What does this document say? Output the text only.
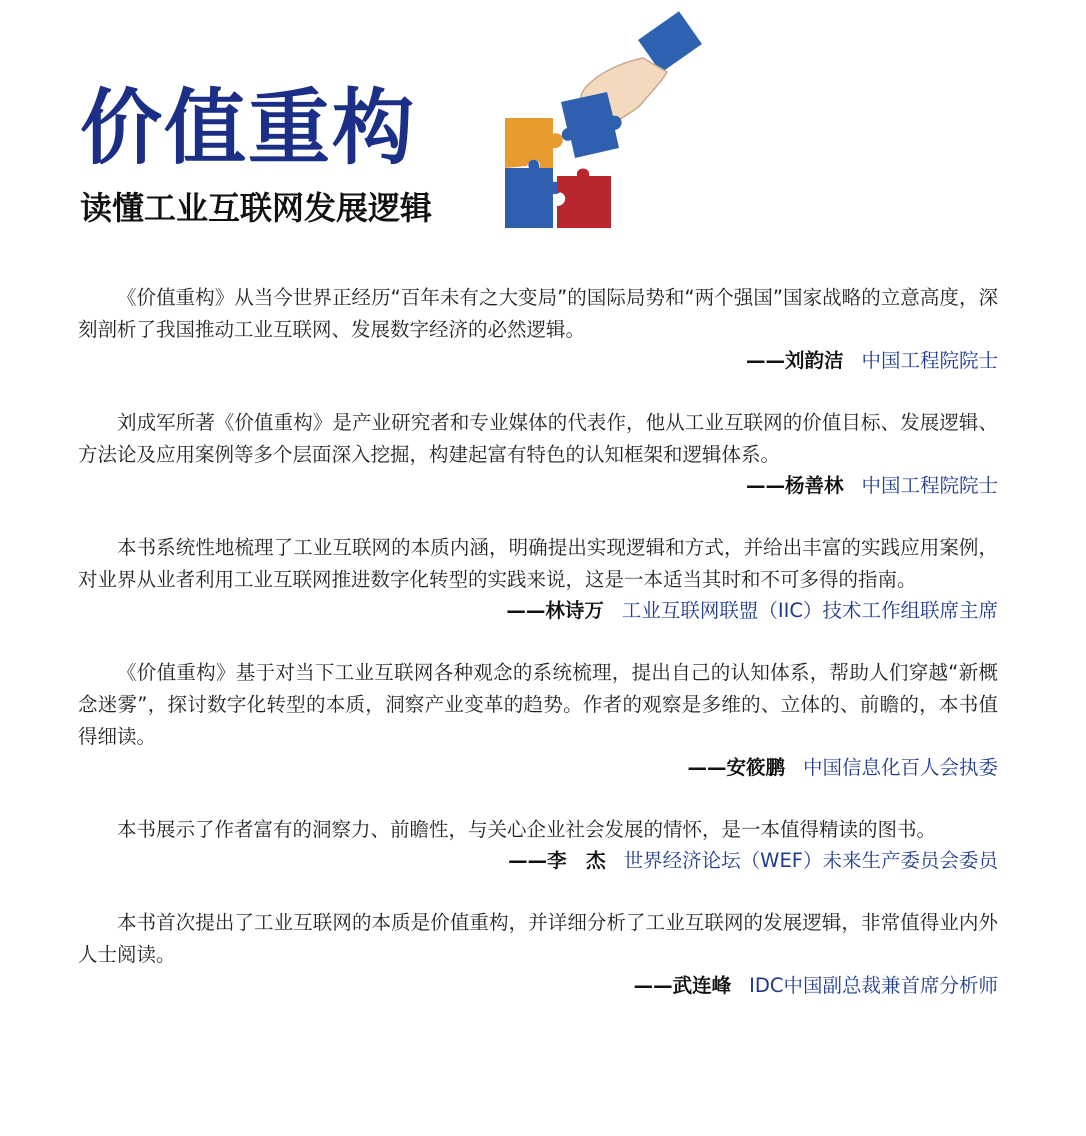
价值重构
读懂工业互联网发展逻辑

《价值重构》从当今世界正经历“百年未有之大变局”的国际局势和“两个强国”国家战略的立意高度，深刻剖析了我国推动工业互联网、发展数字经济的必然逻辑。

——刘韵洁 中国工程院院士

刘成军所著《价值重构》是产业研究者和专业媒体的代表作，他从工业互联网的价值目标、发展逻辑、方法论及应用案例等多个层面深入挖掘，构建起富有特色的认知框架和逻辑体系。

——杨善林 中国工程院院士

本书系统性地梳理了工业互联网的本质内涵，明确提出实现逻辑和方式，并给出丰富的实践应用案例，对业界从业者利用工业互联网推进数字化转型的实践来说，这是一本适当其时和不可多得的指南。

——林诗万 工业互联网联盟（IIC）技术工作组联席主席

《价值重构》基于对当下工业互联网各种观念的系统梳理，提出自己的认知体系，帮助人们穿越“新概念迷雾”，探讨数字化转型的本质，洞察产业变革的趋势。作者的观察是多维的、立体的、前瞻的，本书值得细读。

——安筱鹏 中国信息化百人会执委

本书展示了作者富有的洞察力、前瞻性，与关心企业社会发展的情怀，是一本值得精读的图书。

——李　杰 世界经济论坛（WEF）未来生产委员会委员

本书首次提出了工业互联网的本质是价值重构，并详细分析了工业互联网的发展逻辑，非常值得业内外人士阅读。

——武连峰 IDC中国副总裁兼首席分析师
